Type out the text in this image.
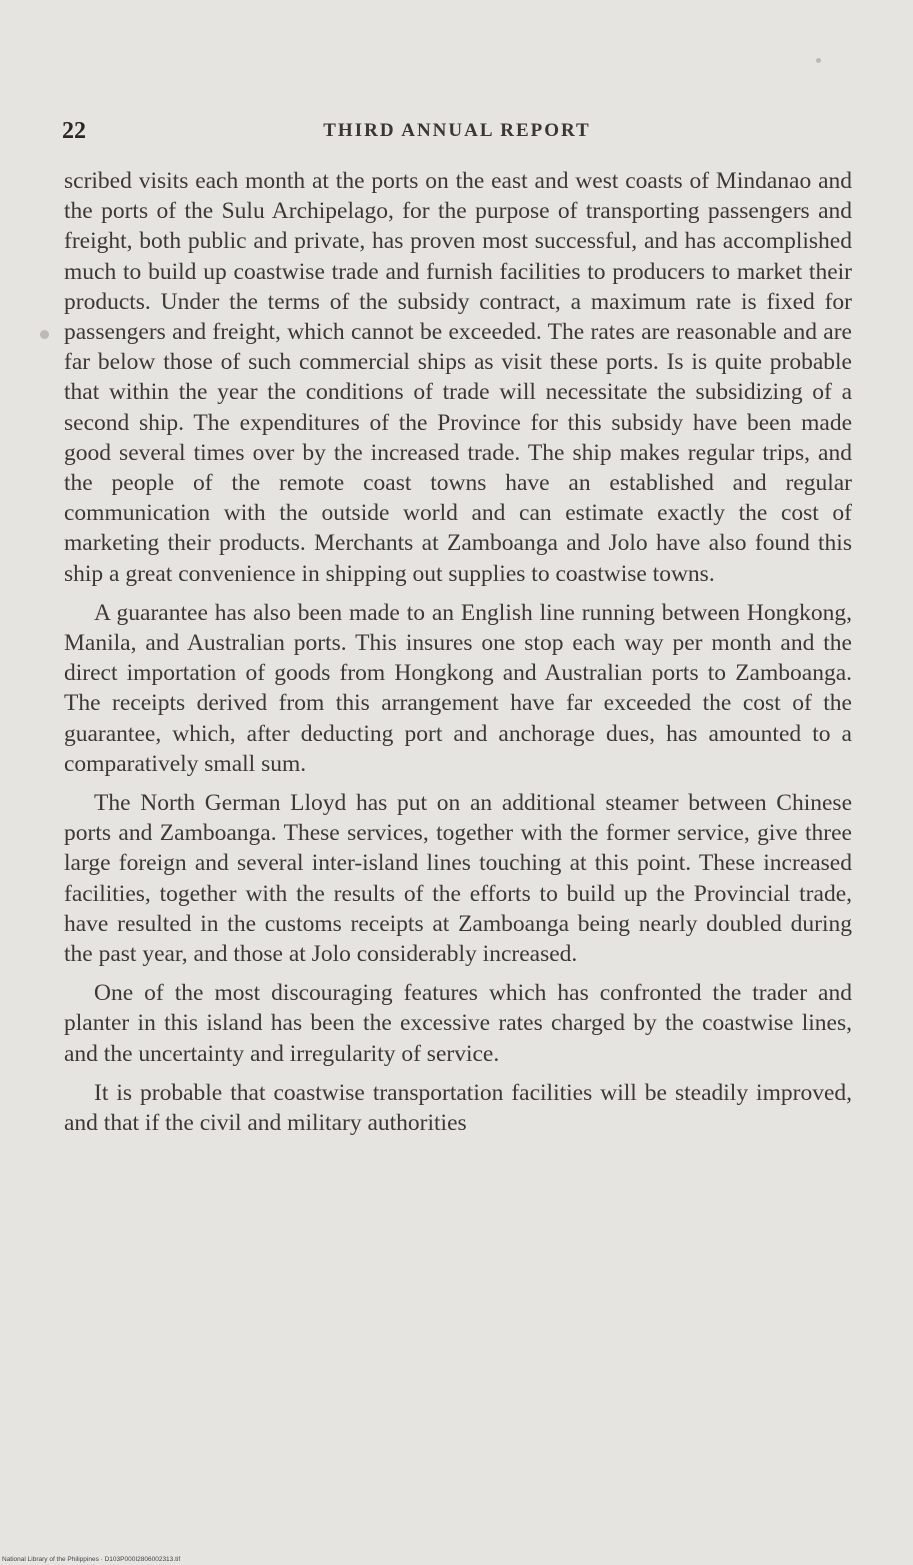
22	THIRD ANNUAL REPORT

scribed visits each month at the ports on the east and west coasts of Mindanao and the ports of the Sulu Archipelago, for the purpose of transporting passengers and freight, both public and private, has proven most successful, and has accomplished much to build up coastwise trade and furnish facilities to producers to market their products. Under the terms of the subsidy contract, a maximum rate is fixed for passengers and freight, which cannot be exceeded. The rates are reasonable and are far below those of such commercial ships as visit these ports. Is is quite probable that within the year the conditions of trade will necessitate the subsidizing of a second ship. The expenditures of the Province for this subsidy have been made good several times over by the increased trade. The ship makes regular trips, and the people of the remote coast towns have an established and regular communication with the outside world and can estimate exactly the cost of marketing their products. Merchants at Zamboanga and Jolo have also found this ship a great convenience in shipping out supplies to coastwise towns.

A guarantee has also been made to an English line running between Hongkong, Manila, and Australian ports. This insures one stop each way per month and the direct importation of goods from Hongkong and Australian ports to Zamboanga. The receipts derived from this arrangement have far exceeded the cost of the guarantee, which, after deducting port and anchorage dues, has amounted to a comparatively small sum.

The North German Lloyd has put on an additional steamer between Chinese ports and Zamboanga. These services, together with the former service, give three large foreign and several inter-island lines touching at this point. These increased facilities, together with the results of the efforts to build up the Provincial trade, have resulted in the customs receipts at Zamboanga being nearly doubled during the past year, and those at Jolo considerably increased.

One of the most discouraging features which has confronted the trader and planter in this island has been the excessive rates charged by the coastwise lines, and the uncertainty and irregularity of service.

It is probable that coastwise transportation facilities will be steadily improved, and that if the civil and military authorities

National Library of the Philippines · D103P000I2806002313.tif
